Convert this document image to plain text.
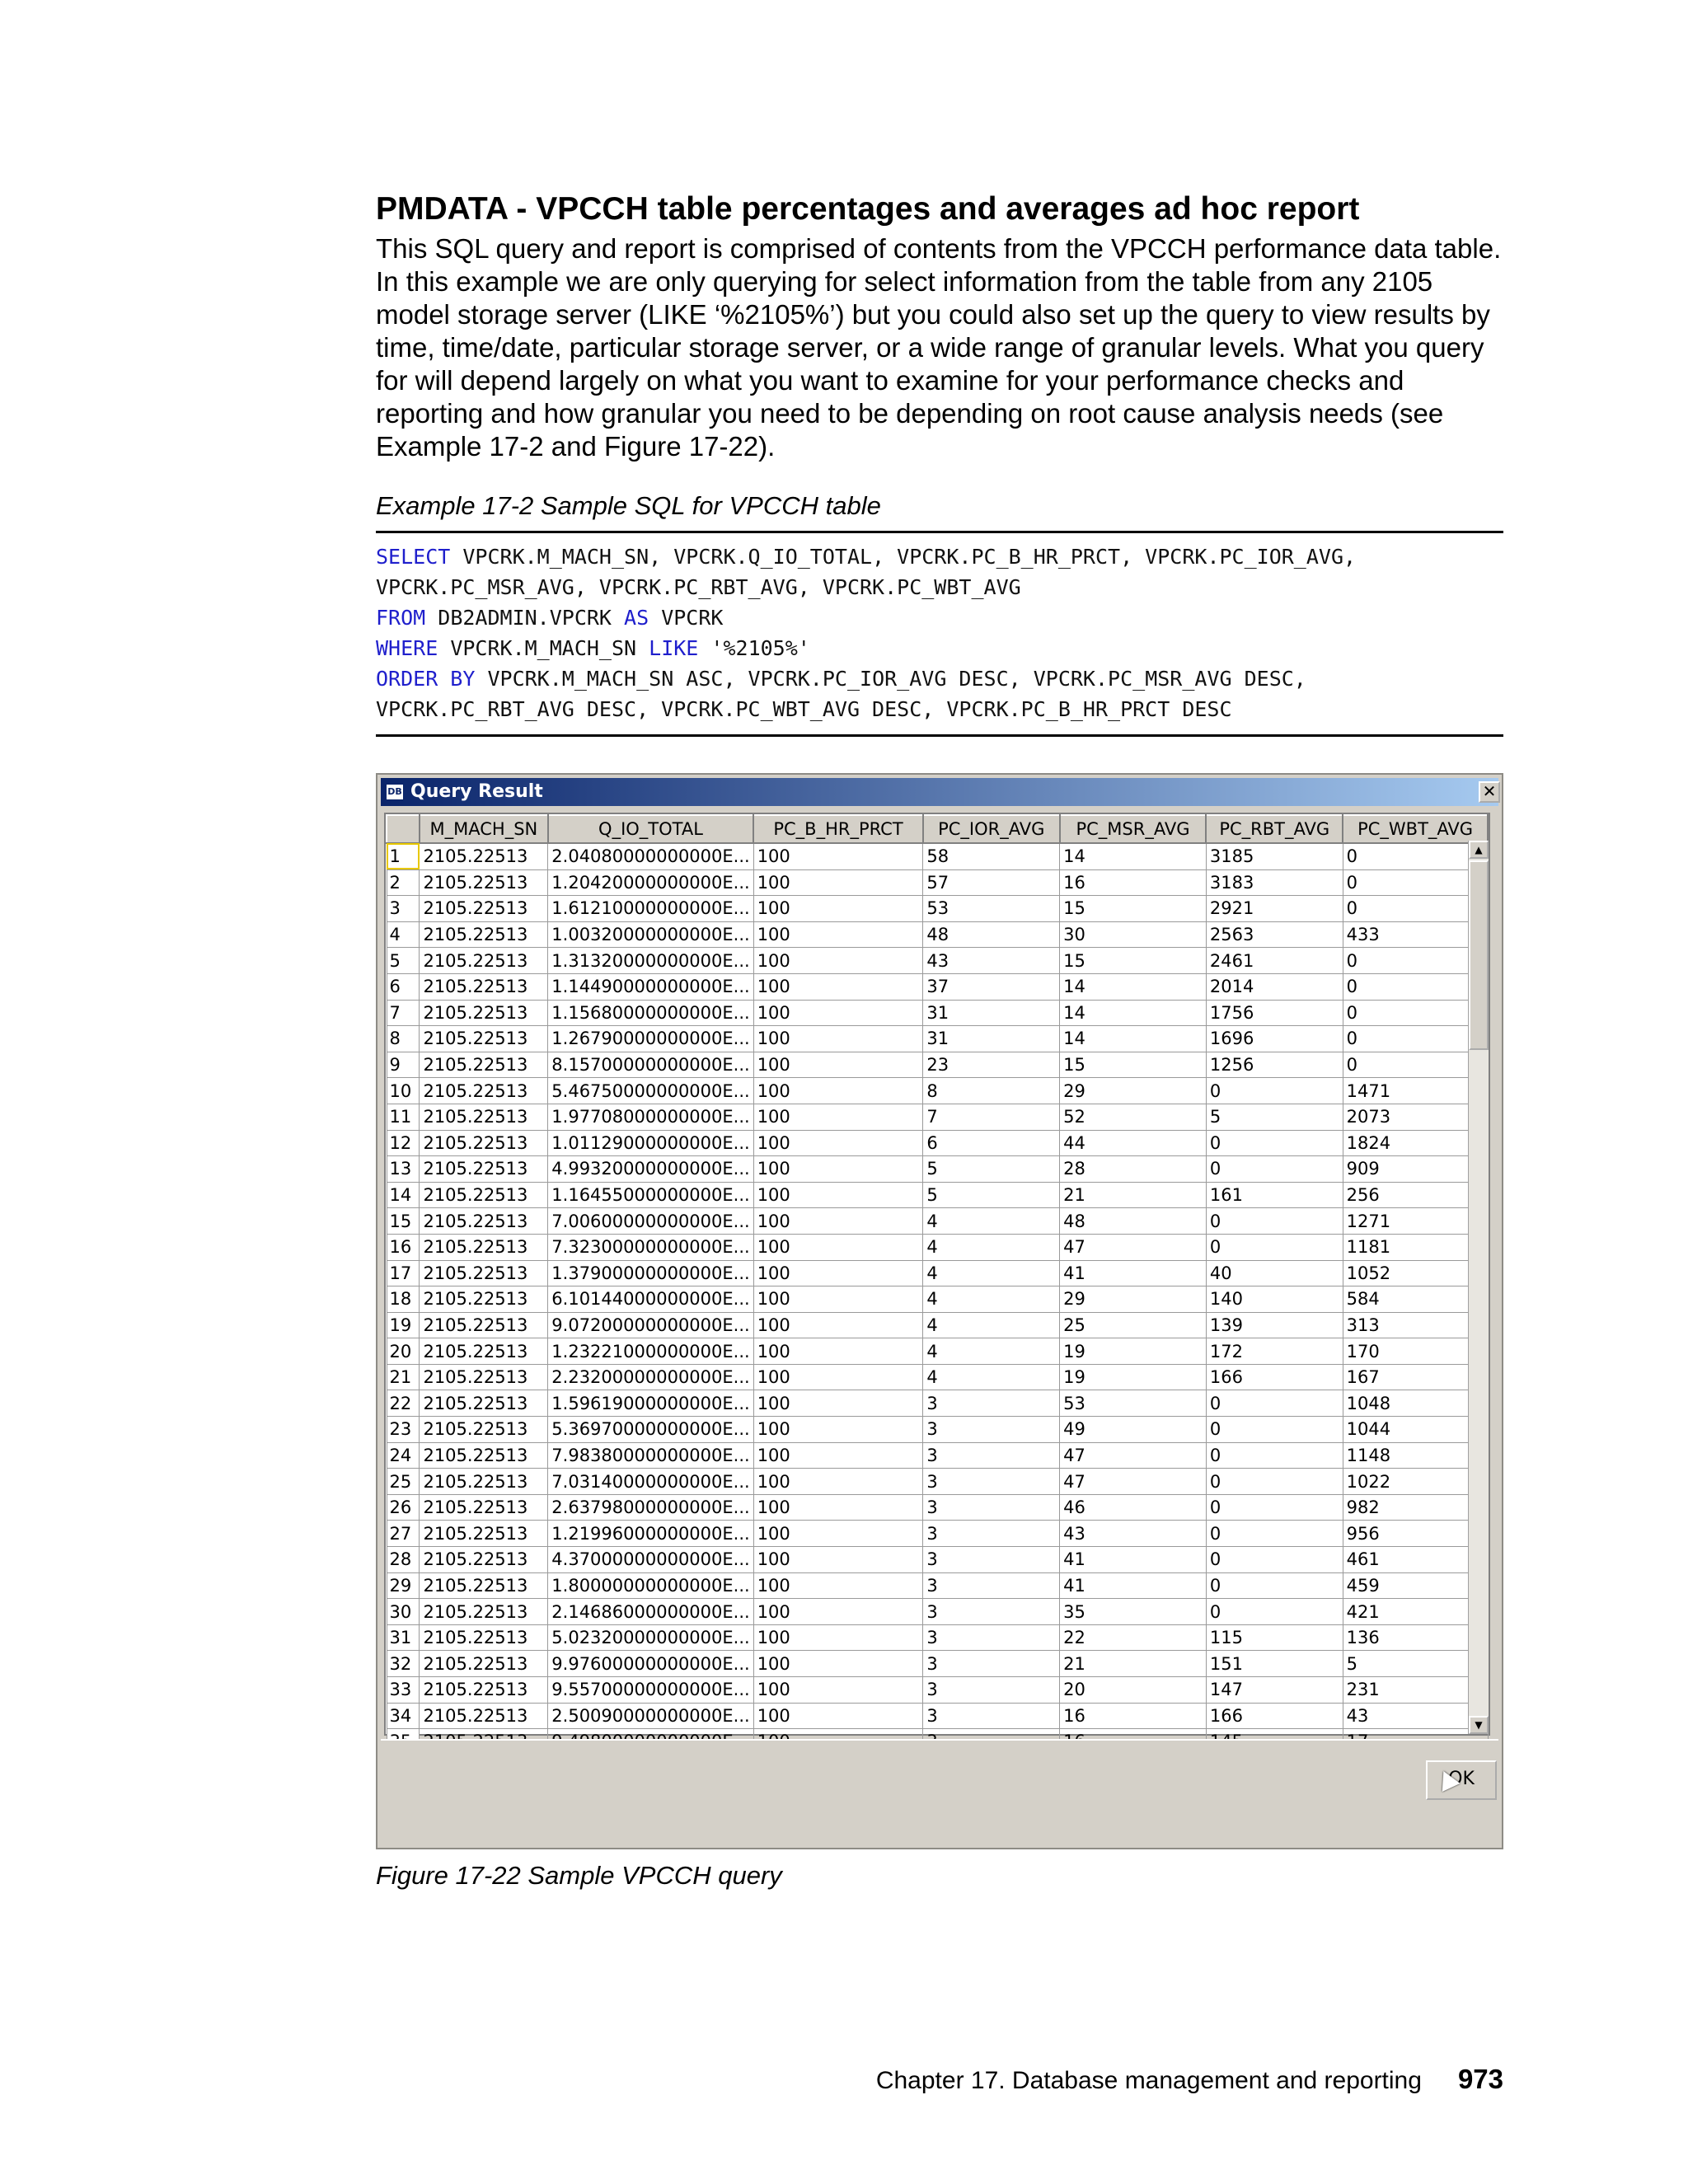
PMDATA - VPCCH table percentages and averages ad hoc report

This SQL query and report is comprised of contents from the VPCCH performance data table. In this example we are only querying for select information from the table from any 2105 model storage server (LIKE ‘%2105%’) but you could also set up the query to view results by time, time/date, particular storage server, or a wide range of granular levels. What you query for will depend largely on what you want to examine for your performance checks and reporting and how granular you need to be depending on root cause analysis needs (see Example 17-2 and Figure 17-22).

Example 17-2 Sample SQL for VPCCH table

SELECT VPCRK.M_MACH_SN, VPCRK.Q_IO_TOTAL, VPCRK.PC_B_HR_PRCT, VPCRK.PC_IOR_AVG,
VPCRK.PC_MSR_AVG, VPCRK.PC_RBT_AVG, VPCRK.PC_WBT_AVG
FROM DB2ADMIN.VPCRK AS VPCRK
WHERE VPCRK.M_MACH_SN LIKE '%2105%'
ORDER BY VPCRK.M_MACH_SN ASC, VPCRK.PC_IOR_AVG DESC, VPCRK.PC_MSR_AVG DESC,
VPCRK.PC_RBT_AVG DESC, VPCRK.PC_WBT_AVG DESC, VPCRK.PC_B_HR_PRCT DESC
DB Query Result	✕
	M_MACH_SN	Q_IO_TOTAL	PC_B_HR_PRCT	PC_IOR_AVG	PC_MSR_AVG	PC_RBT_AVG	PC_WBT_AVG
1	2105.22513	2.04080000000000E...	100	58	14	3185	0
2	2105.22513	1.20420000000000E...	100	57	16	3183	0
3	2105.22513	1.61210000000000E...	100	53	15	2921	0
4	2105.22513	1.00320000000000E...	100	48	30	2563	433
5	2105.22513	1.31320000000000E...	100	43	15	2461	0
6	2105.22513	1.14490000000000E...	100	37	14	2014	0
7	2105.22513	1.15680000000000E...	100	31	14	1756	0
8	2105.22513	1.26790000000000E...	100	31	14	1696	0
9	2105.22513	8.15700000000000E...	100	23	15	1256	0
10	2105.22513	5.46750000000000E...	100	8	29	0	1471
11	2105.22513	1.97708000000000E...	100	7	52	5	2073
12	2105.22513	1.01129000000000E...	100	6	44	0	1824
13	2105.22513	4.99320000000000E...	100	5	28	0	909
14	2105.22513	1.16455000000000E...	100	5	21	161	256
15	2105.22513	7.00600000000000E...	100	4	48	0	1271
16	2105.22513	7.32300000000000E...	100	4	47	0	1181
17	2105.22513	1.37900000000000E...	100	4	41	40	1052
18	2105.22513	6.10144000000000E...	100	4	29	140	584
19	2105.22513	9.07200000000000E...	100	4	25	139	313
20	2105.22513	1.23221000000000E...	100	4	19	172	170
21	2105.22513	2.23200000000000E...	100	4	19	166	167
22	2105.22513	1.59619000000000E...	100	3	53	0	1048
23	2105.22513	5.36970000000000E...	100	3	49	0	1044
24	2105.22513	7.98380000000000E...	100	3	47	0	1148
25	2105.22513	7.03140000000000E...	100	3	47	0	1022
26	2105.22513	2.63798000000000E...	100	3	46	0	982
27	2105.22513	1.21996000000000E...	100	3	43	0	956
28	2105.22513	4.37000000000000E...	100	3	41	0	461
29	2105.22513	1.80000000000000E...	100	3	41	0	459
30	2105.22513	2.14686000000000E...	100	3	35	0	421
31	2105.22513	5.02320000000000E...	100	3	22	115	136
32	2105.22513	9.97600000000000E...	100	3	21	151	5
33	2105.22513	9.55700000000000E...	100	3	20	147	231
34	2105.22513	2.50090000000000E...	100	3	16	166	43

▲
▼
OK
Figure 17-22 Sample VPCCH query
Chapter 17. Database management and reporting 973
